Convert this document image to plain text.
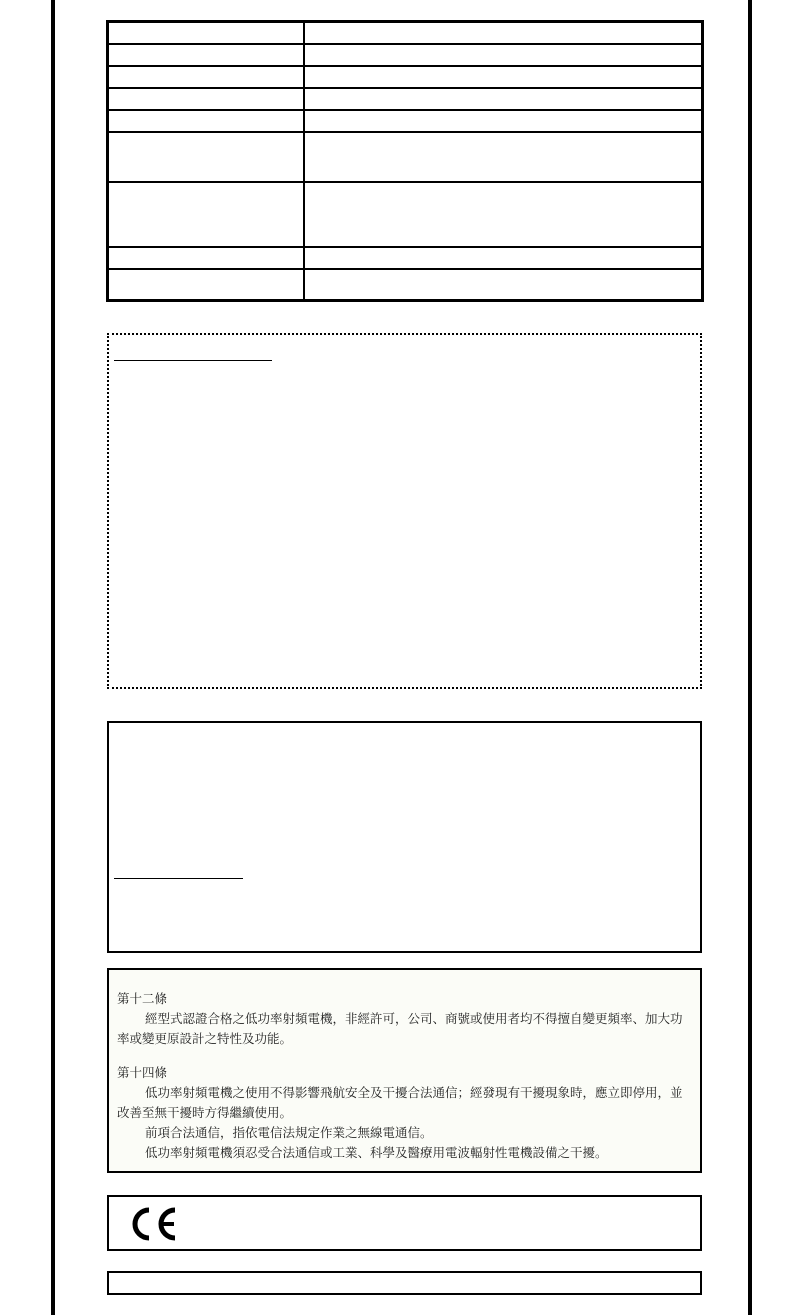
第十二條

經型式認證合格之低功率射頻電機，非經許可，公司、商號或使用者均不得擅自變更頻率、加大功率或變更原設計之特性及功能。

第十四條

低功率射頻電機之使用不得影響飛航安全及干擾合法通信；經發現有干擾現象時，應立即停用，並改善至無干擾時方得繼續使用。

前項合法通信，指依電信法規定作業之無線電通信。

低功率射頻電機須忍受合法通信或工業、科學及醫療用電波輻射性電機設備之干擾。
